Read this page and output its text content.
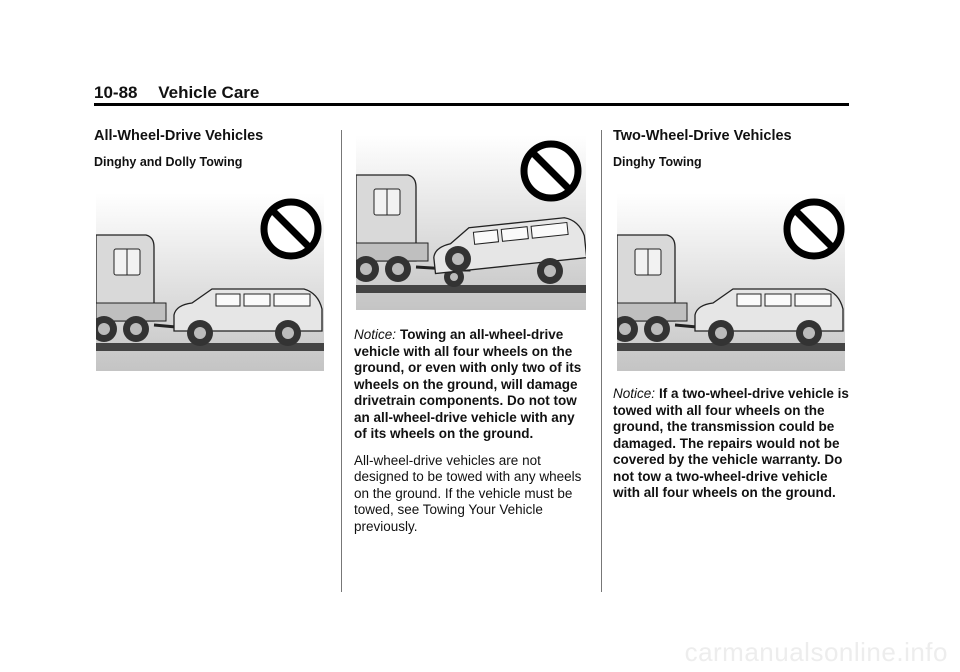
10-88 Vehicle Care
All-Wheel-Drive Vehicles
Dinghy and Dolly Towing

Notice: Towing an all-wheel-drive vehicle with all four wheels on the ground, or even with only two of its wheels on the ground, will damage drivetrain components. Do not tow an all-wheel-drive vehicle with any of its wheels on the ground.

All-wheel-drive vehicles are not designed to be towed with any wheels on the ground. If the vehicle must be towed, see Towing Your Vehicle previously.

Two-Wheel-Drive Vehicles
Dinghy Towing

Notice: If a two-wheel-drive vehicle is towed with all four wheels on the ground, the transmission could be damaged. The repairs would not be covered by the vehicle warranty. Do not tow a two-wheel-drive vehicle with all four wheels on the ground.

carmanualsonline.info
